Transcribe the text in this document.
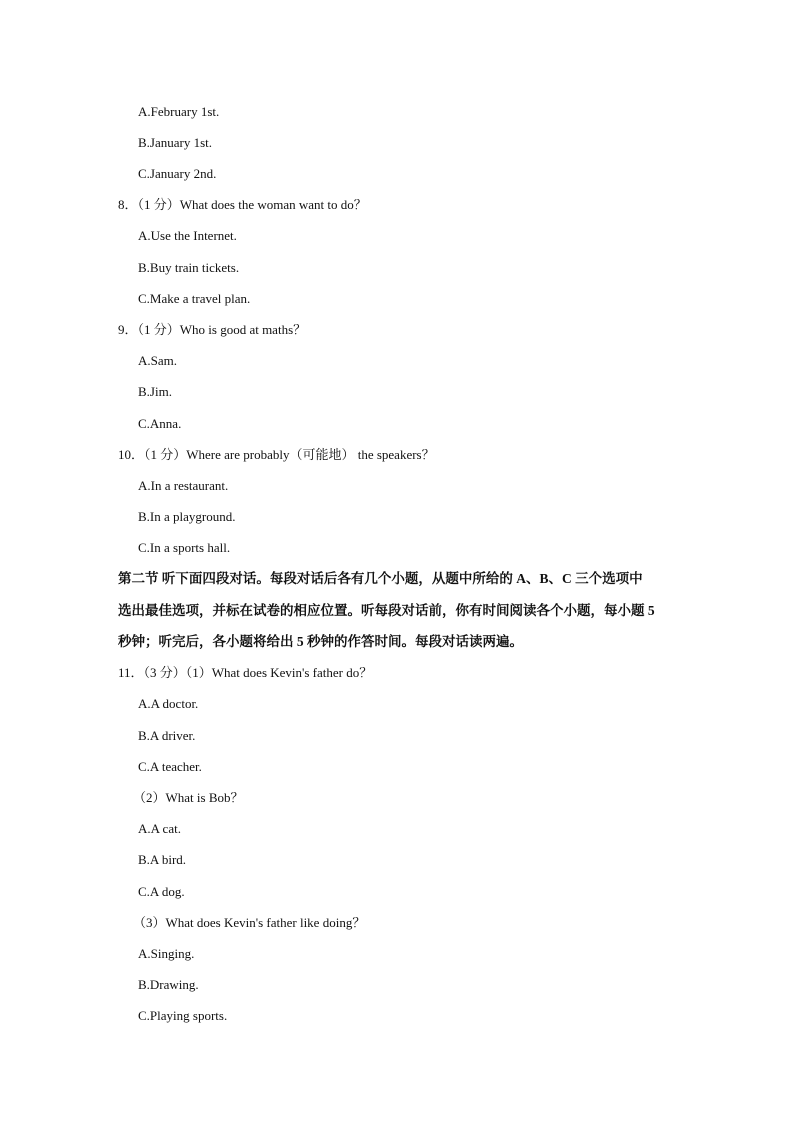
A.February 1st.
B.January 1st.
C.January 2nd.
8．（1 分）What does the woman want to do？
A.Use the Internet.
B.Buy train tickets.
C.Make a travel plan.
9．（1 分）Who is good at maths？
A.Sam.
B.Jim.
C.Anna.
10．（1 分）Where are probably（可能地） the speakers？
A.In a restaurant.
B.In a playground.
C.In a sports hall.
第二节 听下面四段对话。每段对话后各有几个小题，从题中所给的 A、B、C 三个选项中
选出最佳选项，并标在试卷的相应位置。听每段对话前，你有时间阅读各个小题，每小题 5
秒钟；听完后，各小题将给出 5 秒钟的作答时间。每段对话读两遍。
11．（3 分）（1）What does Kevin's father do？
A.A doctor.
B.A driver.
C.A teacher.
（2）What is Bob？
A.A cat.
B.A bird.
C.A dog.
（3）What does Kevin's father like doing？
A.Singing.
B.Drawing.
C.Playing sports.
